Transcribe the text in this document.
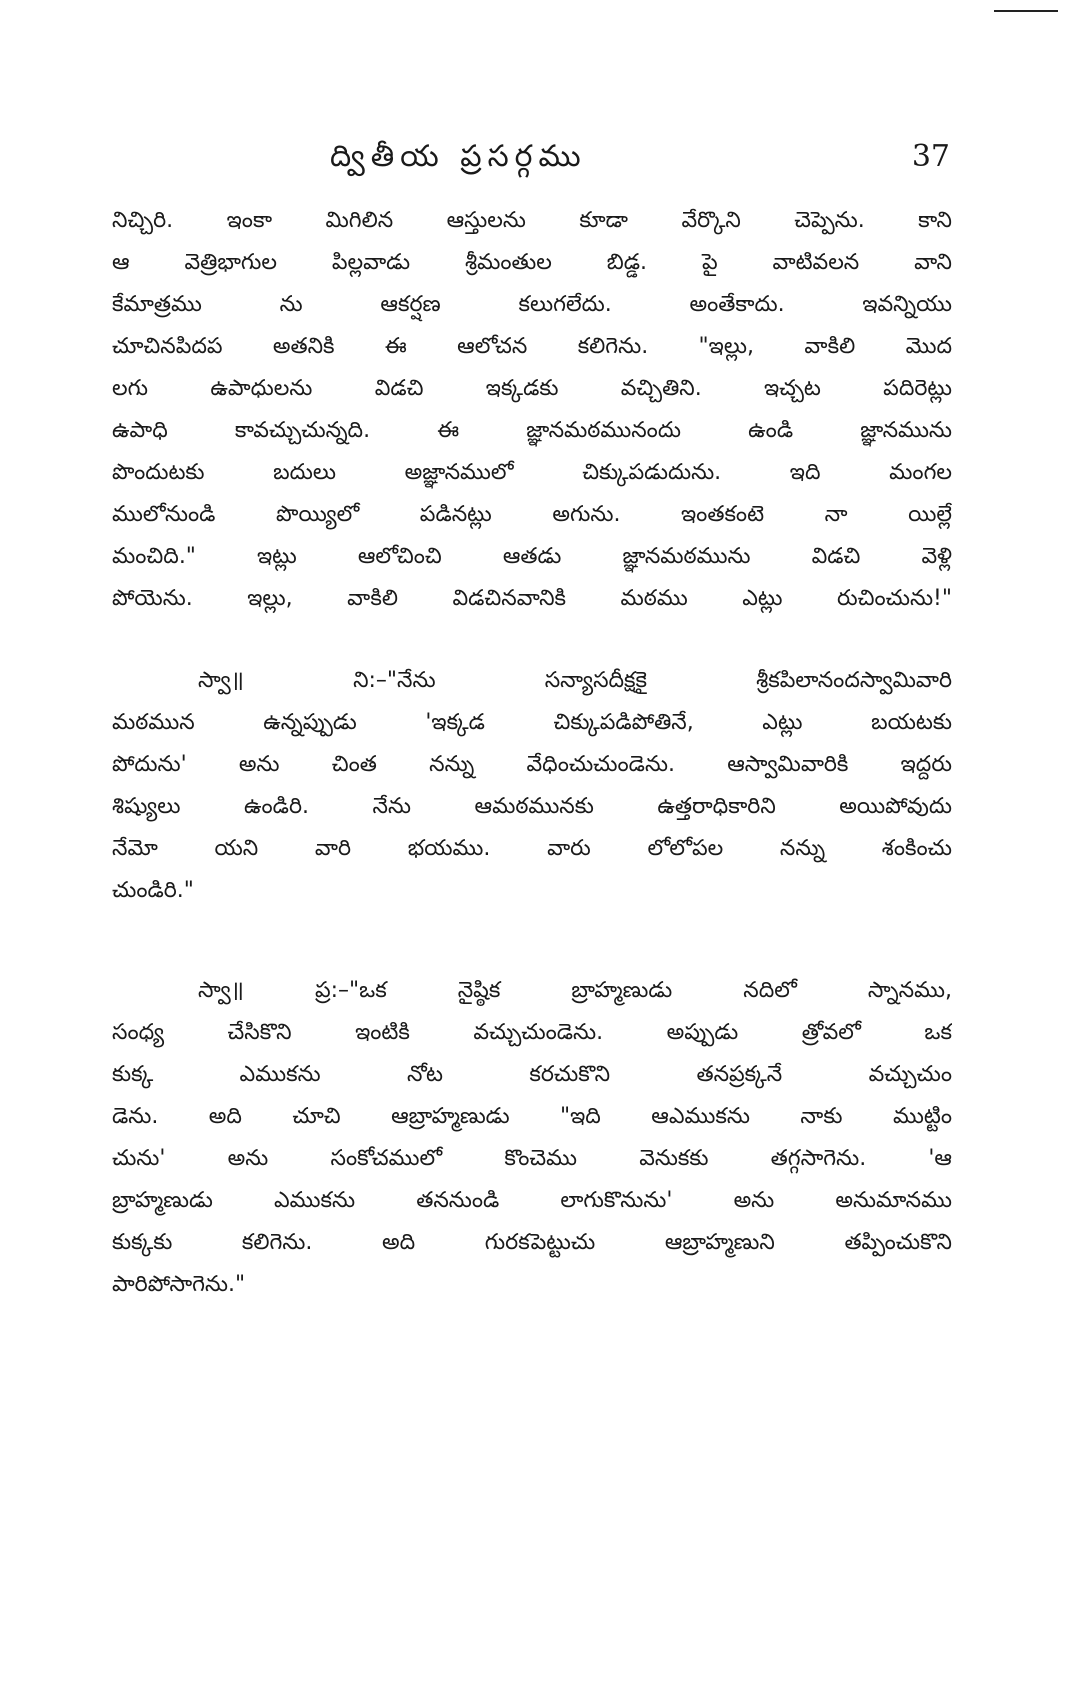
ద్వితీయ ప్రసర్గము	37
నిచ్చిరి. ఇంకా మిగిలిన ఆస్తులను కూడా వేర్కొని చెప్పెను. కాని
ఆ వెత్రిభాగుల పిల్లవాడు శ్రీమంతుల బిడ్డ. పై వాటివలన వాని
కేమాత్రము ను ఆకర్షణ కలుగలేదు. అంతేకాదు. ఇవన్నియు
చూచినపిదప అతనికి ఈ ఆలోచన కలిగెను. "ఇల్లు, వాకిలి మొద
లగు ఉపాధులను విడచి ఇక్కడకు వచ్చితిని. ఇచ్చట పదిరెట్లు
ఉపాధి కావచ్చుచున్నది. ఈ జ్ఞానమఠమునందు ఉండి జ్ఞానమును
పొందుటకు బదులు అజ్ఞానములో చిక్కుపడుదును. ఇది మంగల
ములోనుండి పొయ్యిలో పడినట్లు అగును. ఇంతకంటె నా యిల్లే
మంచిది." ఇట్లు ఆలోచించి ఆతడు జ్ఞానమఠమును విడచి వెళ్లి
పోయెను. ఇల్లు, వాకిలి విడచినవానికి మఠము ఎట్లు రుచించును!"
స్వా॥ ని:–"నేను సన్యాసదీక్షకై శ్రీకపిలానందస్వామివారి
మఠమున ఉన్నప్పుడు 'ఇక్కడ చిక్కుపడిపోతినే, ఎట్లు బయటకు
పోదును' అను చింత నన్ను వేధించుచుండెను. ఆస్వామివారికి ఇద్దరు
శిష్యులు ఉండిరి. నేను ఆమఠమునకు ఉత్తరాధికారిని అయిపోవుదు
నేమో యని వారి భయము. వారు లోలోపల నన్ను శంకించు
చుండిరి."
స్వా॥ ప్ర:–"ఒక నైష్ఠిక బ్రాహ్మణుడు నదిలో స్నానము,
సంధ్య చేసికొని ఇంటికి వచ్చుచుండెను. అప్పుడు త్రోవలో ఒక
కుక్క ఎముకను నోట కరచుకొని తనప్రక్కనే వచ్చుచుం
డెను. అది చూచి ఆబ్రాహ్మణుడు "ఇది ఆఎముకను నాకు ముట్టిం
చును' అను సంకోచములో కొంచెము వెనుకకు తగ్గసాగెను. 'ఆ
బ్రాహ్మణుడు ఎముకను తననుండి లాగుకొనును' అను అనుమానము
కుక్కకు కలిగెను. అది గురకపెట్టుచు ఆబ్రాహ్మణుని తప్పించుకొని
పారిపోసాగెను."
